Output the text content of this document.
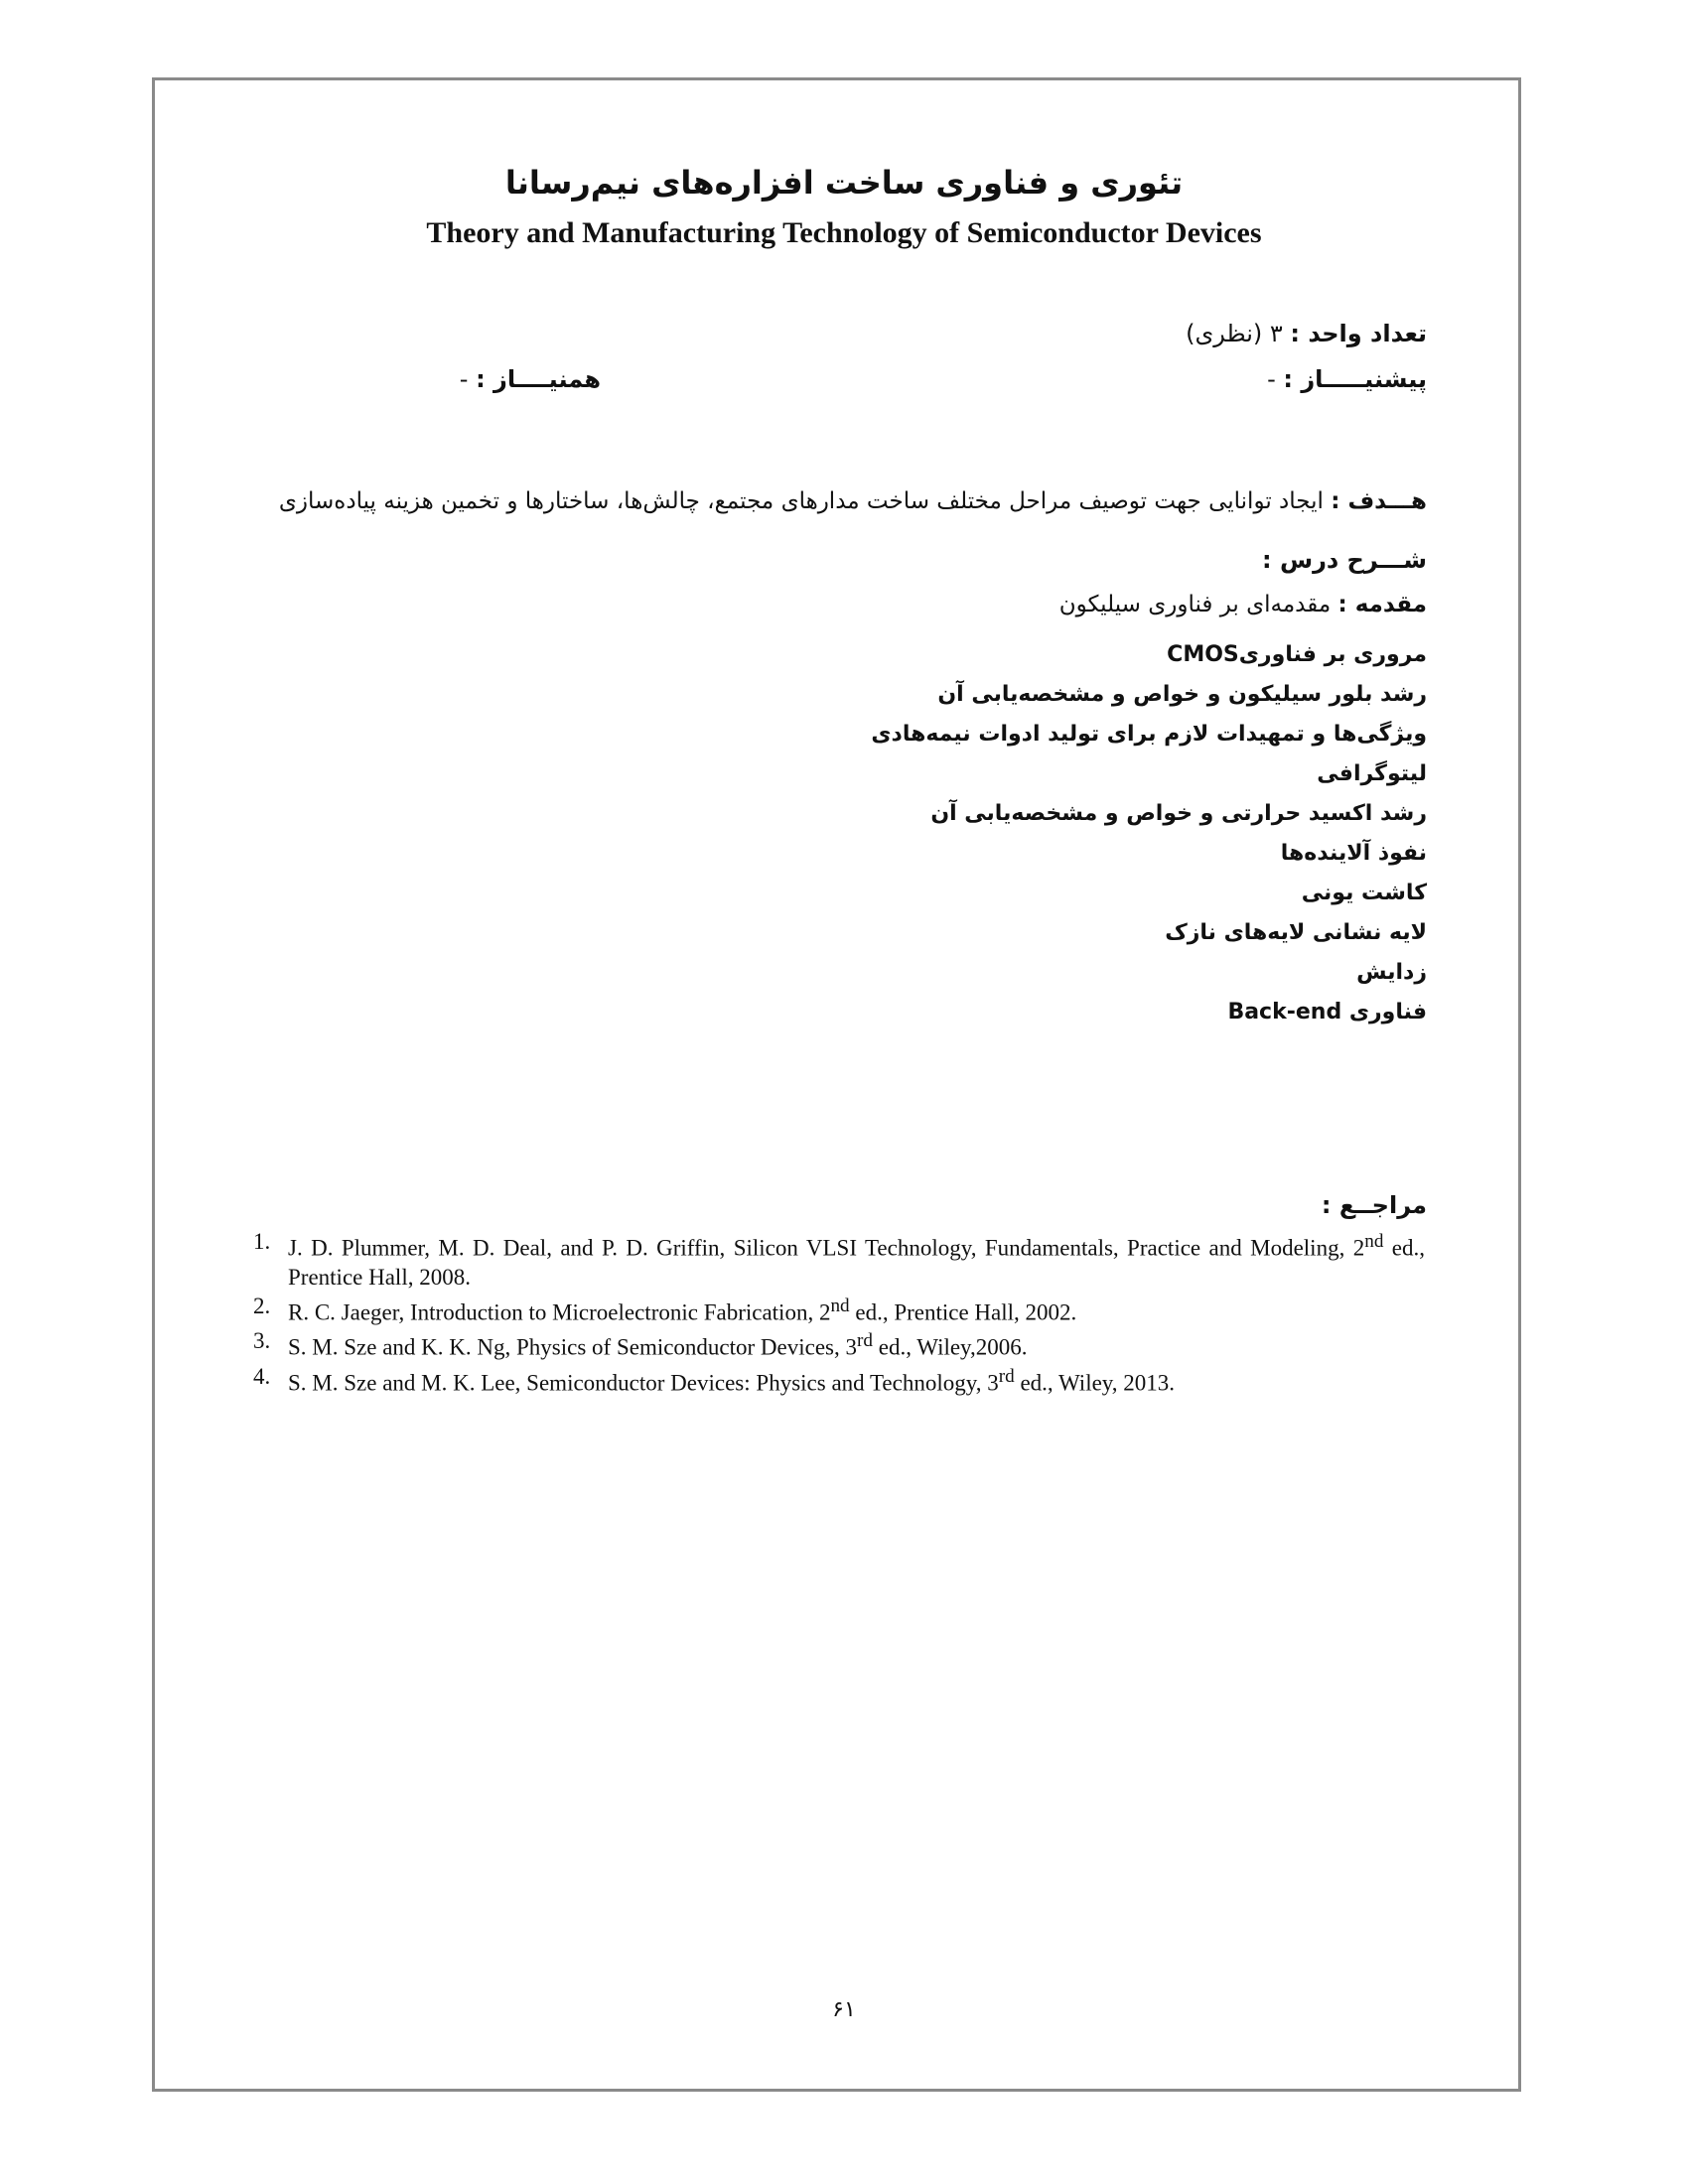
تئوری و فناوری ساخت افزاره‌های نیم‌رسانا
Theory and Manufacturing Technology of Semiconductor Devices
تعداد واحد : ۳ (نظری)
پیشنیـــــاز : -
همنیــــاز : -
هـــدف : ایجاد توانایی جهت توصیف مراحل مختلف ساخت مدارهای مجتمع، چالش‌ها، ساختارها و تخمین هزینه پیاده‌سازی
شـــرح درس :
مقدمه : مقدمه‌ای بر فناوری سیلیکون
مروری بر فناوریCMOS
رشد بلور سیلیکون و خواص و مشخصه‌یابی آن
ویژگی‌ها و تمهیدات لازم برای تولید ادوات نیمه‌هادی
لیتوگرافی
رشد اکسید حرارتی و خواص و مشخصه‌یابی آن
نفوذ آلاینده‌ها
کاشت یونی
لایه نشانی لایه‌های نازک
زدایش
فناوری Back-end
مراجــع :
1. J. D. Plummer, M. D. Deal, and P. D. Griffin, Silicon VLSI Technology, Fundamentals, Practice and Modeling, 2nd ed., Prentice Hall, 2008.
2. R. C. Jaeger, Introduction to Microelectronic Fabrication, 2nd ed., Prentice Hall, 2002.
3. S. M. Sze and K. K. Ng, Physics of Semiconductor Devices, 3rd ed., Wiley,2006.
4. S. M. Sze and M. K. Lee, Semiconductor Devices: Physics and Technology, 3rd ed., Wiley, 2013.
۶۱
